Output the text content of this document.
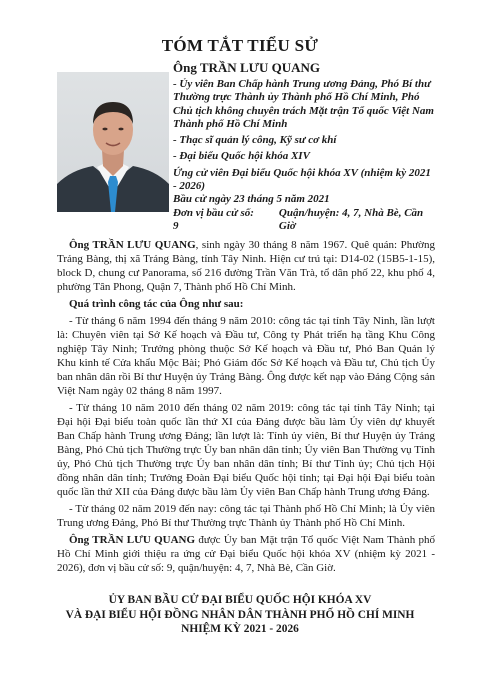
TÓM TẮT TIỂU SỬ
Ông TRẦN LƯU QUANG
- Ủy viên Ban Chấp hành Trung ương Đảng, Phó Bí thư Thường trực Thành ủy Thành phố Hồ Chí Minh, Phó Chủ tịch không chuyên trách Mặt trận Tổ quốc Việt Nam Thành phố Hồ Chí Minh
- Thạc sĩ quản lý công, Kỹ sư cơ khí
- Đại biểu Quốc hội khóa XIV
Ứng cử viên Đại biểu Quốc hội khóa XV (nhiệm kỳ 2021 - 2026)
Bầu cử ngày 23 tháng 5 năm 2021
Đơn vị bầu cử số: 9
Quận/huyện: 4, 7, Nhà Bè, Cần Giờ

Ông TRẦN LƯU QUANG, sinh ngày 30 tháng 8 năm 1967. Quê quán: Phường Trảng Bàng, thị xã Trảng Bàng, tỉnh Tây Ninh. Hiện cư trú tại: D14-02 (15B5-1-15), block D, chung cư Panorama, số 216 đường Trần Văn Trà, tổ dân phố 22, khu phố 4, phường Tân Phong, Quận 7, Thành phố Hồ Chí Minh.

Quá trình công tác của Ông như sau:

- Từ tháng 6 năm 1994 đến tháng 9 năm 2010: công tác tại tỉnh Tây Ninh, lần lượt là: Chuyên viên tại Sở Kế hoạch và Đầu tư, Công ty Phát triển hạ tầng Khu Công nghiệp Tây Ninh; Trưởng phòng thuộc Sở Kế hoạch và Đầu tư, Phó Ban Quản lý Khu kinh tế Cửa khẩu Mộc Bài; Phó Giám đốc Sở Kế hoạch và Đầu tư, Chủ tịch Ủy ban nhân dân rồi Bí thư Huyện ủy Trảng Bàng. Ông được kết nạp vào Đảng Cộng sản Việt Nam ngày 02 tháng 8 năm 1997.

- Từ tháng 10 năm 2010 đến tháng 02 năm 2019: công tác tại tỉnh Tây Ninh; tại Đại hội Đại biểu toàn quốc lần thứ XI của Đảng được bầu làm Ủy viên dự khuyết Ban Chấp hành Trung ương Đảng; lần lượt là: Tỉnh ủy viên, Bí thư Huyện ủy Trảng Bàng, Phó Chủ tịch Thường trực Ủy ban nhân dân tỉnh; Ủy viên Ban Thường vụ Tỉnh ủy, Phó Chủ tịch Thường trực Ủy ban nhân dân tỉnh; Bí thư Tỉnh ủy; Chủ tịch Hội đồng nhân dân tỉnh; Trưởng Đoàn Đại biểu Quốc hội tỉnh; tại Đại hội Đại biểu toàn quốc lần thứ XII của Đảng được bầu làm Ủy viên Ban Chấp hành Trung ương Đảng.

- Từ tháng 02 năm 2019 đến nay: công tác tại Thành phố Hồ Chí Minh; là Ủy viên Trung ương Đảng, Phó Bí thư Thường trực Thành ủy Thành phố Hồ Chí Minh.

Ông TRẦN LƯU QUANG được Ủy ban Mặt trận Tổ quốc Việt Nam Thành phố Hồ Chí Minh giới thiệu ra ứng cử Đại biểu Quốc hội khóa XV (nhiệm kỳ 2021 - 2026), đơn vị bầu cử số: 9, quận/huyện: 4, 7, Nhà Bè, Cần Giờ.

ỦY BAN BẦU CỬ ĐẠI BIỂU QUỐC HỘI KHÓA XV
VÀ ĐẠI BIỂU HỘI ĐỒNG NHÂN DÂN THÀNH PHỐ HỒ CHÍ MINH
NHIỆM KỲ 2021 - 2026
